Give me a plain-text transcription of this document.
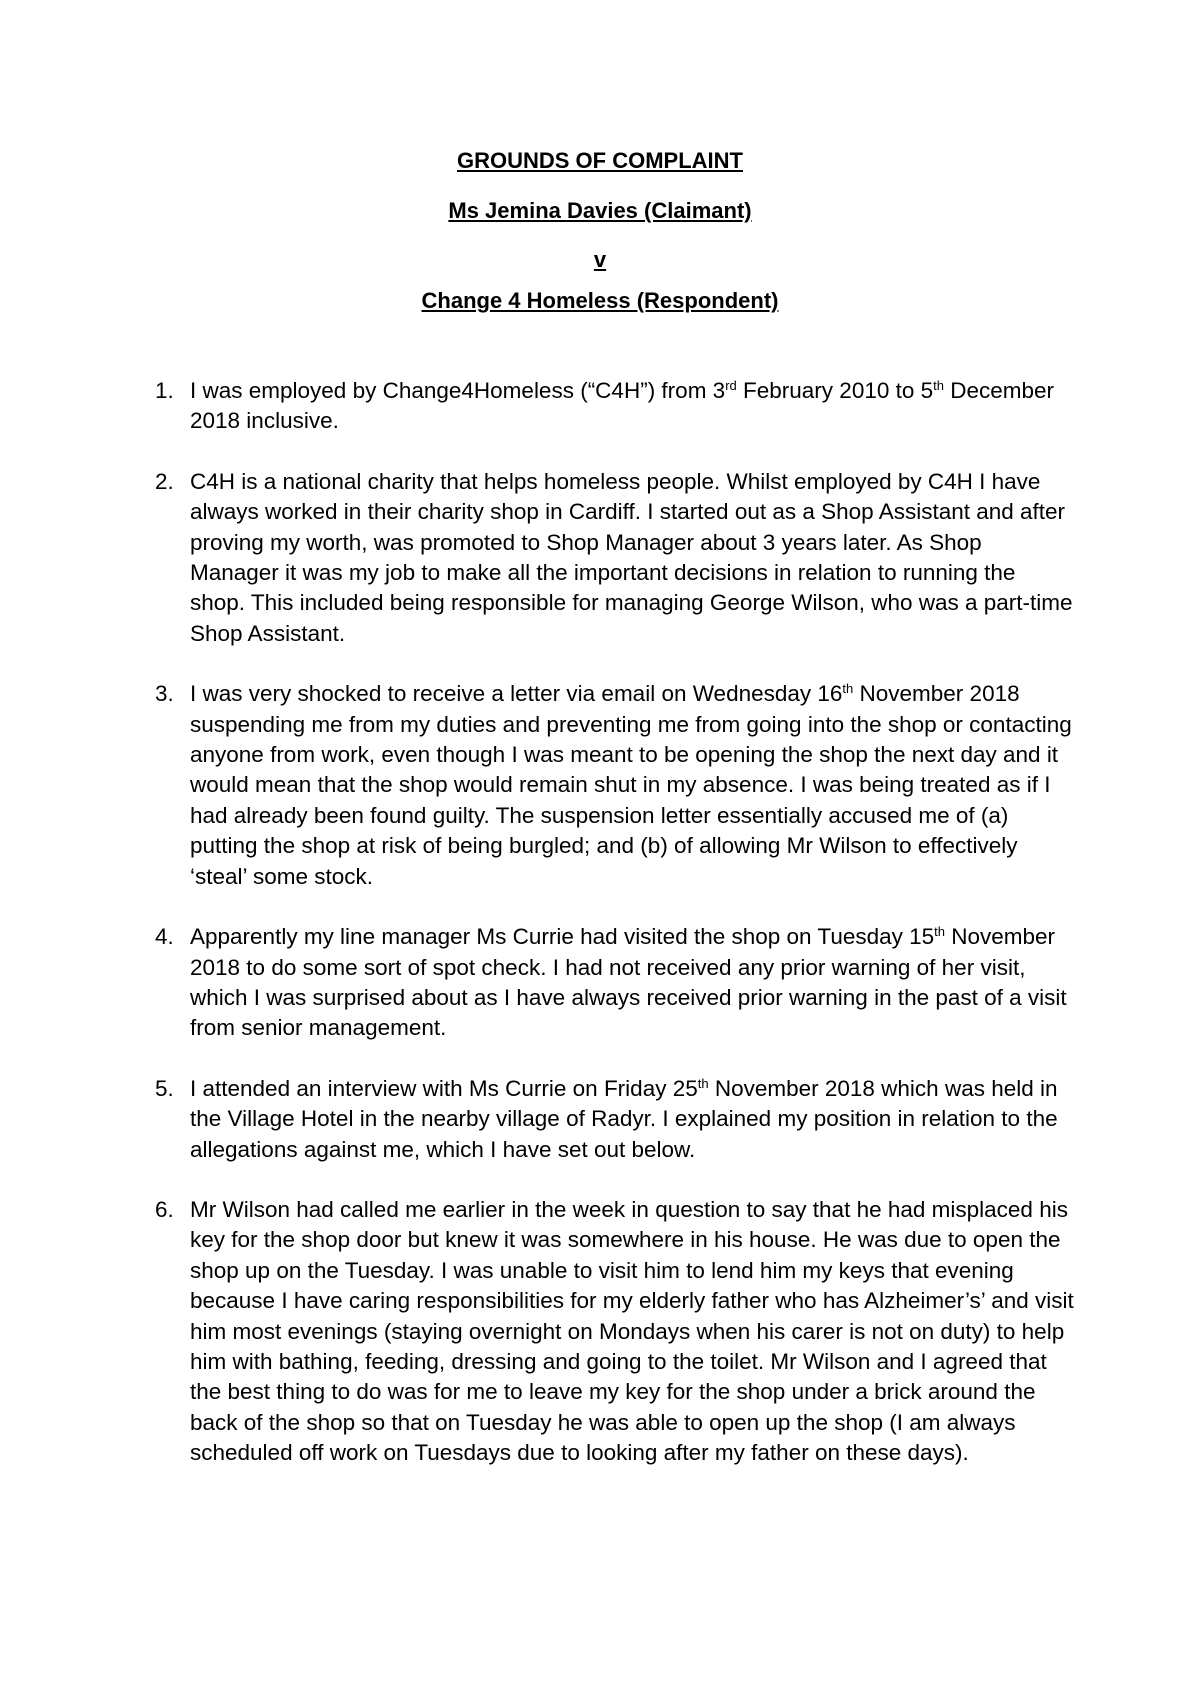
GROUNDS OF COMPLAINT
Ms Jemina Davies (Claimant)
v
Change 4 Homeless (Respondent)
1. I was employed by Change4Homeless (“C4H”) from 3rd February 2010 to 5th December 2018 inclusive.

2. C4H is a national charity that helps homeless people. Whilst employed by C4H I have always worked in their charity shop in Cardiff. I started out as a Shop Assistant and after proving my worth, was promoted to Shop Manager about 3 years later. As Shop Manager it was my job to make all the important decisions in relation to running the shop. This included being responsible for managing George Wilson, who was a part-time Shop Assistant.

3. I was very shocked to receive a letter via email on Wednesday 16th November 2018 suspending me from my duties and preventing me from going into the shop or contacting anyone from work, even though I was meant to be opening the shop the next day and it would mean that the shop would remain shut in my absence. I was being treated as if I had already been found guilty. The suspension letter essentially accused me of (a) putting the shop at risk of being burgled; and (b) of allowing Mr Wilson to effectively ‘steal’ some stock.

4. Apparently my line manager Ms Currie had visited the shop on Tuesday 15th November 2018 to do some sort of spot check. I had not received any prior warning of her visit, which I was surprised about as I have always received prior warning in the past of a visit from senior management.

5. I attended an interview with Ms Currie on Friday 25th November 2018 which was held in the Village Hotel in the nearby village of Radyr. I explained my position in relation to the allegations against me, which I have set out below.

6. Mr Wilson had called me earlier in the week in question to say that he had misplaced his key for the shop door but knew it was somewhere in his house. He was due to open the shop up on the Tuesday. I was unable to visit him to lend him my keys that evening because I have caring responsibilities for my elderly father who has Alzheimer’s’ and visit him most evenings (staying overnight on Mondays when his carer is not on duty) to help him with bathing, feeding, dressing and going to the toilet. Mr Wilson and I agreed that the best thing to do was for me to leave my key for the shop under a brick around the back of the shop so that on Tuesday he was able to open up the shop (I am always scheduled off work on Tuesdays due to looking after my father on these days).
